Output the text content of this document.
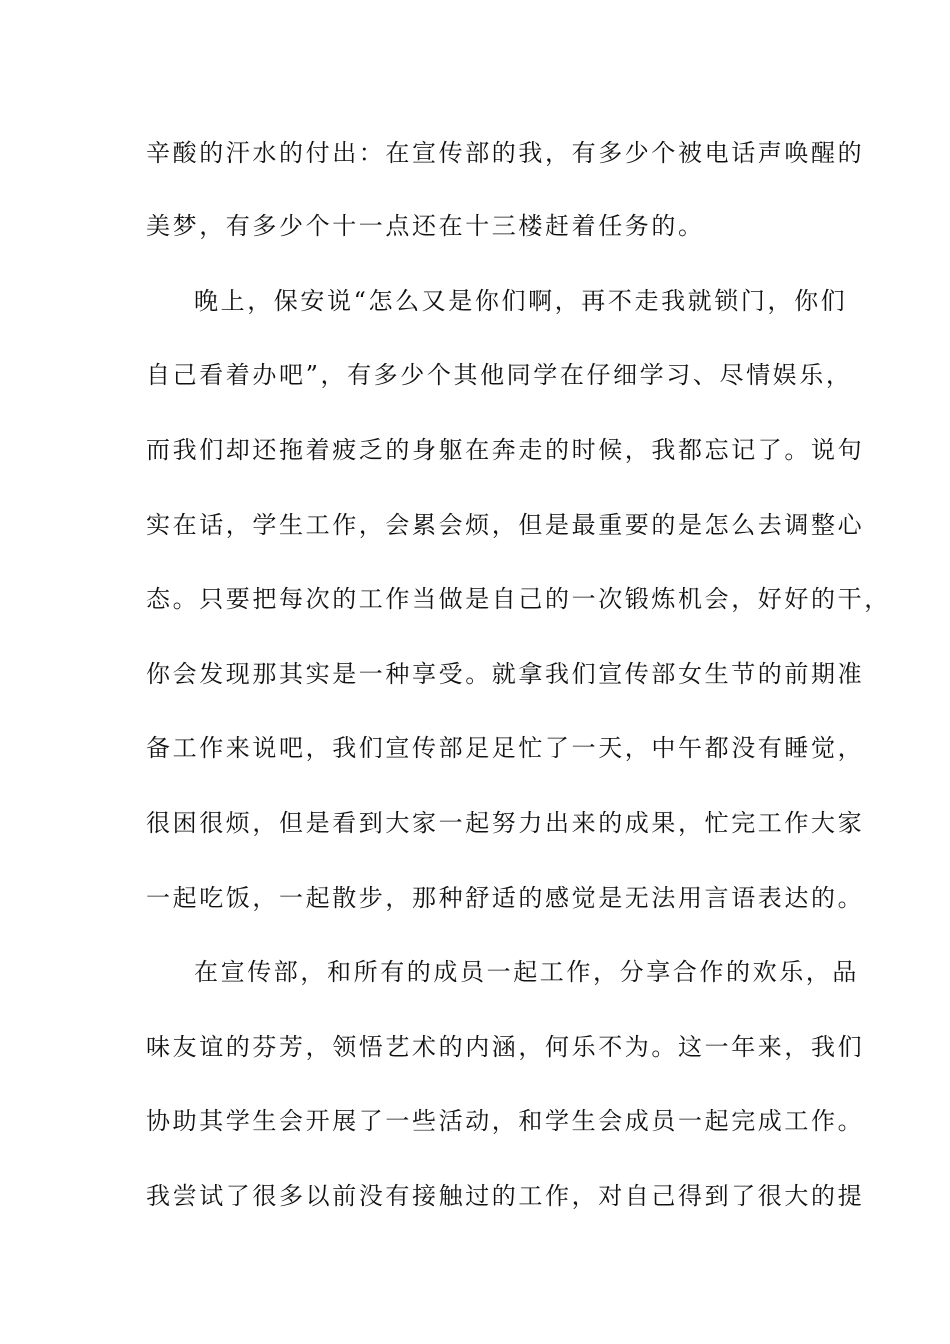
辛酸的汗水的付出：在宣传部的我，有多少个被电话声唤醒的
美梦，有多少个十一点还在十三楼赶着任务的。
晚上，保安说“怎么又是你们啊，再不走我就锁门，你们
自己看着办吧”，有多少个其他同学在仔细学习、尽情娱乐，
而我们却还拖着疲乏的身躯在奔走的时候，我都忘记了。说句
实在话，学生工作，会累会烦，但是最重要的是怎么去调整心
态。只要把每次的工作当做是自己的一次锻炼机会，好好的干，
你会发现那其实是一种享受。就拿我们宣传部女生节的前期准
备工作来说吧，我们宣传部足足忙了一天，中午都没有睡觉，
很困很烦，但是看到大家一起努力出来的成果，忙完工作大家
一起吃饭，一起散步，那种舒适的感觉是无法用言语表达的。
在宣传部，和所有的成员一起工作，分享合作的欢乐，品
味友谊的芬芳，领悟艺术的内涵，何乐不为。这一年来，我们
协助其学生会开展了一些活动，和学生会成员一起完成工作。
我尝试了很多以前没有接触过的工作，对自己得到了很大的提
